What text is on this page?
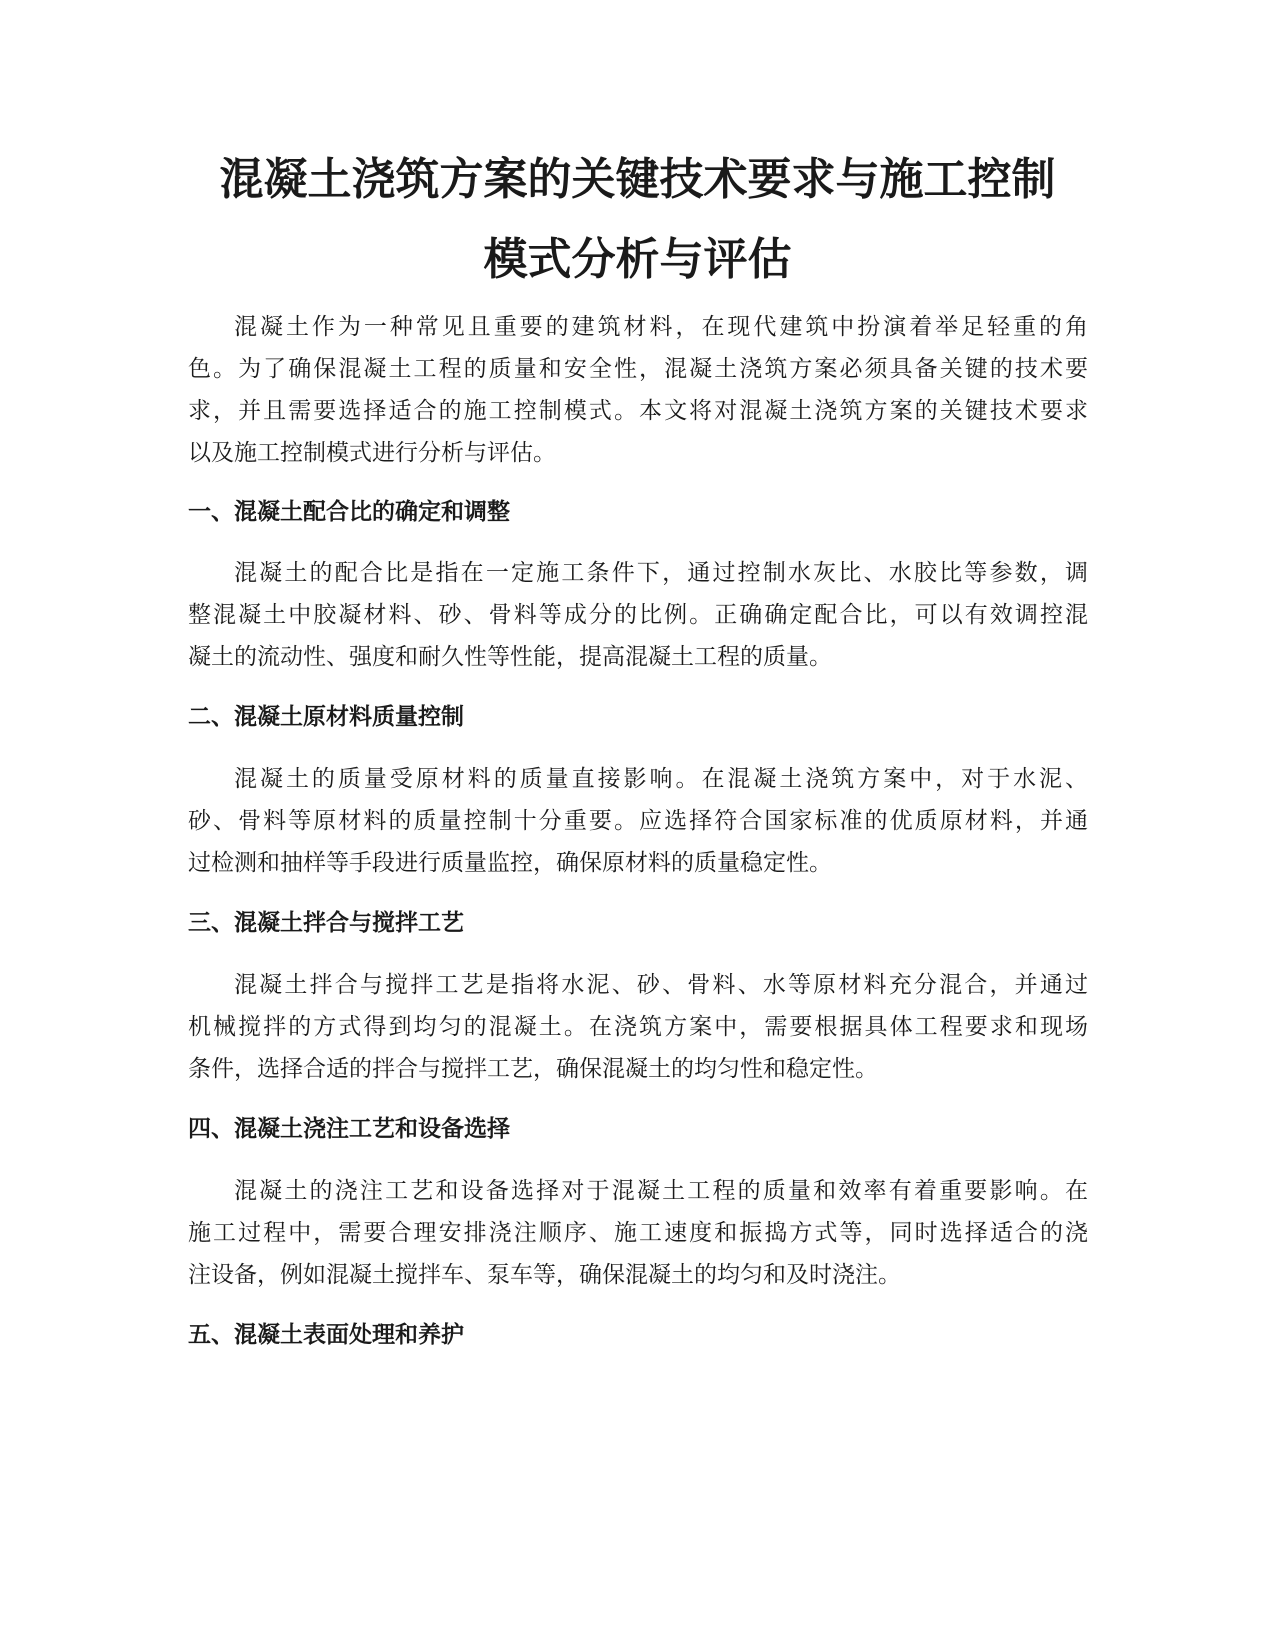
混凝土浇筑方案的关键技术要求与施工控制
模式分析与评估
混凝土作为一种常见且重要的建筑材料，在现代建筑中扮演着举足轻重的角
色。为了确保混凝土工程的质量和安全性，混凝土浇筑方案必须具备关键的技术要
求，并且需要选择适合的施工控制模式。本文将对混凝土浇筑方案的关键技术要求
以及施工控制模式进行分析与评估。
一、混凝土配合比的确定和调整
混凝土的配合比是指在一定施工条件下，通过控制水灰比、水胶比等参数，调
整混凝土中胶凝材料、砂、骨料等成分的比例。正确确定配合比，可以有效调控混
凝土的流动性、强度和耐久性等性能，提高混凝土工程的质量。
二、混凝土原材料质量控制
混凝土的质量受原材料的质量直接影响。在混凝土浇筑方案中，对于水泥、
砂、骨料等原材料的质量控制十分重要。应选择符合国家标准的优质原材料，并通
过检测和抽样等手段进行质量监控，确保原材料的质量稳定性。
三、混凝土拌合与搅拌工艺
混凝土拌合与搅拌工艺是指将水泥、砂、骨料、水等原材料充分混合，并通过
机械搅拌的方式得到均匀的混凝土。在浇筑方案中，需要根据具体工程要求和现场
条件，选择合适的拌合与搅拌工艺，确保混凝土的均匀性和稳定性。
四、混凝土浇注工艺和设备选择
混凝土的浇注工艺和设备选择对于混凝土工程的质量和效率有着重要影响。在
施工过程中，需要合理安排浇注顺序、施工速度和振捣方式等，同时选择适合的浇
注设备，例如混凝土搅拌车、泵车等，确保混凝土的均匀和及时浇注。
五、混凝土表面处理和养护
